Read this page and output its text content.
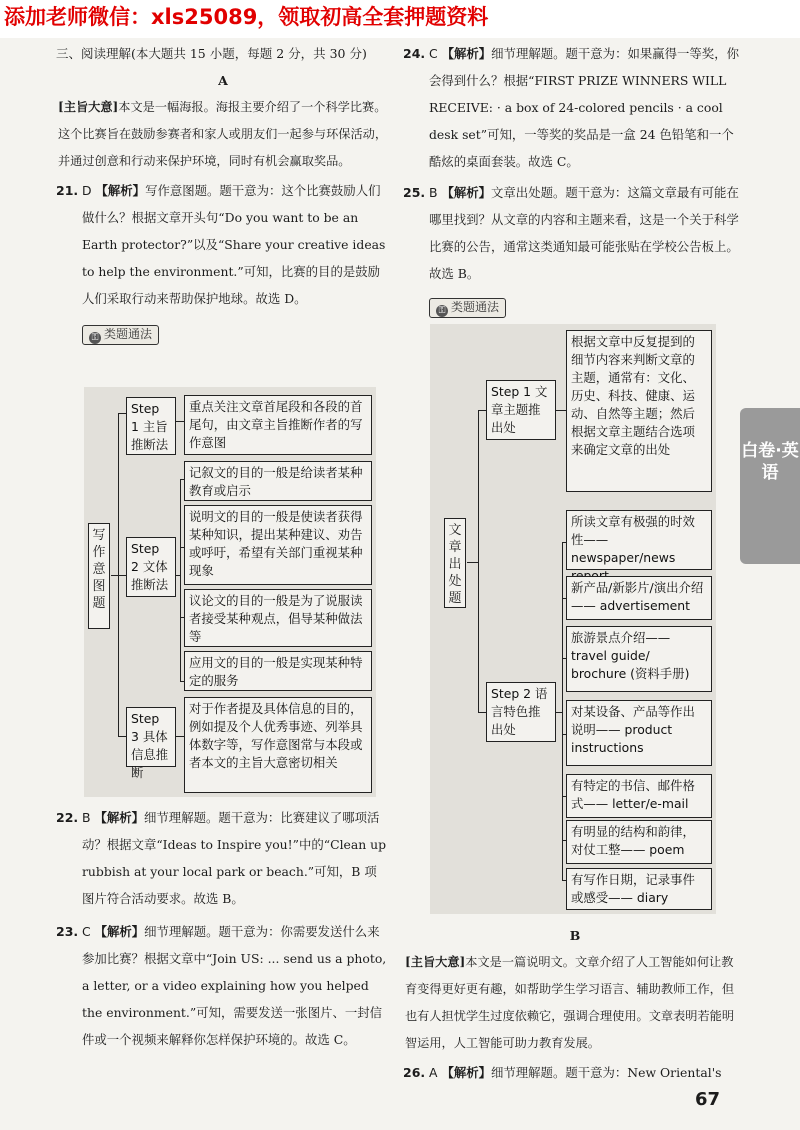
添加老师微信：xls25089，领取初高全套押题资料
三、阅读理解(本大题共 15 小题，每题 2 分，共 30 分)
A
[主旨大意]本文是一幅海报。海报主要介绍了一个科学比赛。这个比赛旨在鼓励参赛者和家人或朋友们一起参与环保活动，并通过创意和行动来保护环境，同时有机会赢取奖品。
21. D 【解析】写作意图题。题干意为：这个比赛鼓励人们做什么？根据文章开头句“Do you want to be an Earth protector?”以及“Share your creative ideas to help the environment.”可知，比赛的目的是鼓励人们采取行动来帮助保护地球。故选 D。
⚿ 类题通法
写作意图题
Step 1 主旨推断法
重点关注文章首尾段和各段的首尾句，由文章主旨推断作者的写作意图
Step 2 文体推断法
记叙文的目的一般是给读者某种教育或启示
说明文的目的一般是使读者获得某种知识，提出某种建议、劝告或呼吁，希望有关部门重视某种现象
议论文的目的一般是为了说服读者接受某种观点，倡导某种做法等
应用文的目的一般是实现某种特定的服务
Step 3 具体信息推断
对于作者提及具体信息的目的，例如提及个人优秀事迹、列举具体数字等，写作意图常与本段或者本文的主旨大意密切相关
22. B 【解析】细节理解题。题干意为：比赛建议了哪项活动？根据文章“Ideas to Inspire you!”中的“Clean up rubbish at your local park or beach.”可知，B 项图片符合活动要求。故选 B。
23. C 【解析】细节理解题。题干意为：你需要发送什么来参加比赛？根据文章中“Join US: ... send us a photo, a letter, or a video explaining how you helped the environment.”可知，需要发送一张图片、一封信件或一个视频来解释你怎样保护环境的。故选 C。
24. C 【解析】细节理解题。题干意为：如果赢得一等奖，你会得到什么？根据“FIRST PRIZE WINNERS WILL RECEIVE: · a box of 24-colored pencils · a cool desk set”可知，一等奖的奖品是一盒 24 色铅笔和一个酷炫的桌面套装。故选 C。
25. B 【解析】文章出处题。题干意为：这篇文章最有可能在哪里找到？从文章的内容和主题来看，这是一个关于科学比赛的公告，通常这类通知最可能张贴在学校公告板上。故选 B。
⚿ 类题通法
文章出处题
Step 1 文章主题推出处
根据文章中反复提到的细节内容来判断文章的主题，通常有：文化、历史、科技、健康、运动、自然等主题；然后根据文章主题结合选项来确定文章的出处
Step 2 语言特色推出处
所读文章有极强的时效性—— newspaper/news
新产品/新影片/演出介绍—— advertisement
旅游景点介绍—— travel guide/ brochure (资料手册)
对某设备、产品等作出说明—— product instructions
有特定的书信、邮件格式—— letter/e-mail
有明显的结构和韵律，对仗工整—— poem
有写作日期，记录事件或感受—— diary
B
[主旨大意]本文是一篇说明文。文章介绍了人工智能如何让教育变得更好更有趣，如帮助学生学习语言、辅助教师工作，但也有人担忧学生过度依赖它，强调合理使用。文章表明若能明智运用，人工智能可助力教育发展。
26. A 【解析】细节理解题。题干意为：New Oriental's
白卷·英语
67
